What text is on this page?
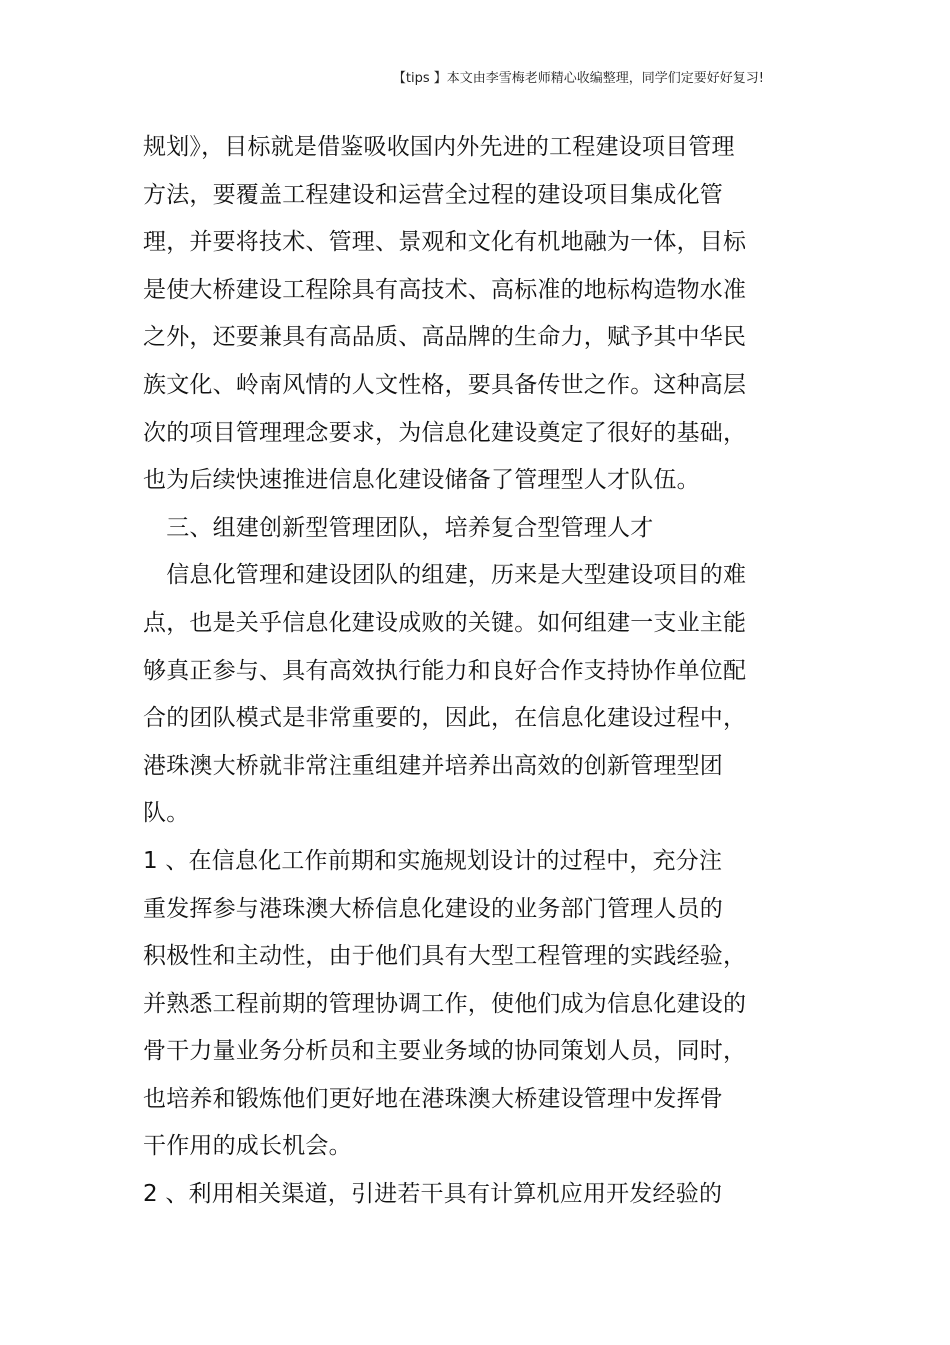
【tips 】本文由李雪梅老师精心收编整理，同学们定要好好复习!

规划》，目标就是借鉴吸收国内外先进的工程建设项目管理

方法，要覆盖工程建设和运营全过程的建设项目集成化管

理，并要将技术、管理、景观和文化有机地融为一体，目标

是使大桥建设工程除具有高技术、高标准的地标构造物水准

之外，还要兼具有高品质、高品牌的生命力，赋予其中华民

族文化、岭南风情的人文性格，要具备传世之作。这种高层

次的项目管理理念要求，为信息化建设奠定了很好的基础，

也为后续快速推进信息化建设储备了管理型人才队伍。

　三、组建创新型管理团队，培养复合型管理人才

　信息化管理和建设团队的组建，历来是大型建设项目的难

点，也是关乎信息化建设成败的关键。如何组建一支业主能

够真正参与、具有高效执行能力和良好合作支持协作单位配

合的团队模式是非常重要的，因此，在信息化建设过程中，

港珠澳大桥就非常注重组建并培养出高效的创新管理型团

队。

1 、在信息化工作前期和实施规划设计的过程中，充分注

重发挥参与港珠澳大桥信息化建设的业务部门管理人员的

积极性和主动性，由于他们具有大型工程管理的实践经验，

并熟悉工程前期的管理协调工作，使他们成为信息化建设的

骨干力量业务分析员和主要业务域的协同策划人员，同时，

也培养和锻炼他们更好地在港珠澳大桥建设管理中发挥骨

干作用的成长机会。

2 、利用相关渠道，引进若干具有计算机应用开发经验的
